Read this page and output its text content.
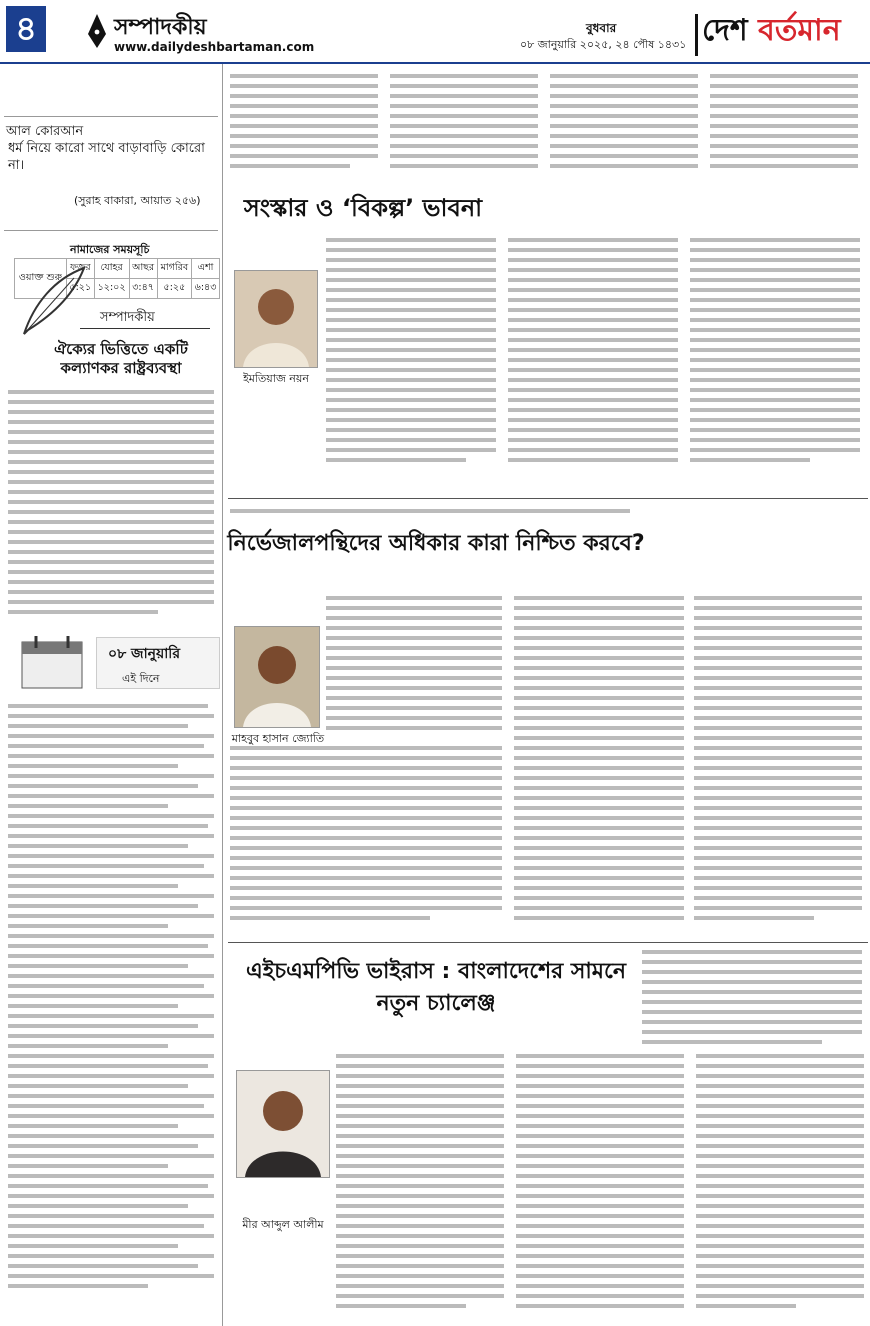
৪	সম্পাদকীয়
www.dailydeshbartaman.com
বুধবার
০৮ জানুয়ারি ২০২৫, ২৪ পৌষ ১৪৩১ দেশ বর্তমান
আল কোরআন
ধর্ম নিয়ে কারো সাথে বাড়াবাড়ি কোরো না।
(সুরাহ বাকারা, আয়াত ২৫৬)
নামাজের সময়সূচি
ওয়াক্ত শুরু	ফজর	যোহর	আছর	মাগরিব	এশা
	৫:২১	১২:০২	৩:৪৭	৫:২৫	৬:৪৩
সম্পাদকীয়
ঐক্যের ভিত্তিতে একটি কল্যাণকর রাষ্ট্রব্যবস্থা
০৮ জানুয়ারি
এই দিনে
সংস্কার ও ‘বিকল্প’ ভাবনা
ইমতিয়াজ নয়ন
নির্ভেজালপন্থিদের অধিকার কারা নিশ্চিত করবে?
মাহবুব হাসান জ্যোতি
এইচএমপিভি ভাইরাস : বাংলাদেশের সামনে নতুন চ্যালেঞ্জ
মীর আব্দুল আলীম
